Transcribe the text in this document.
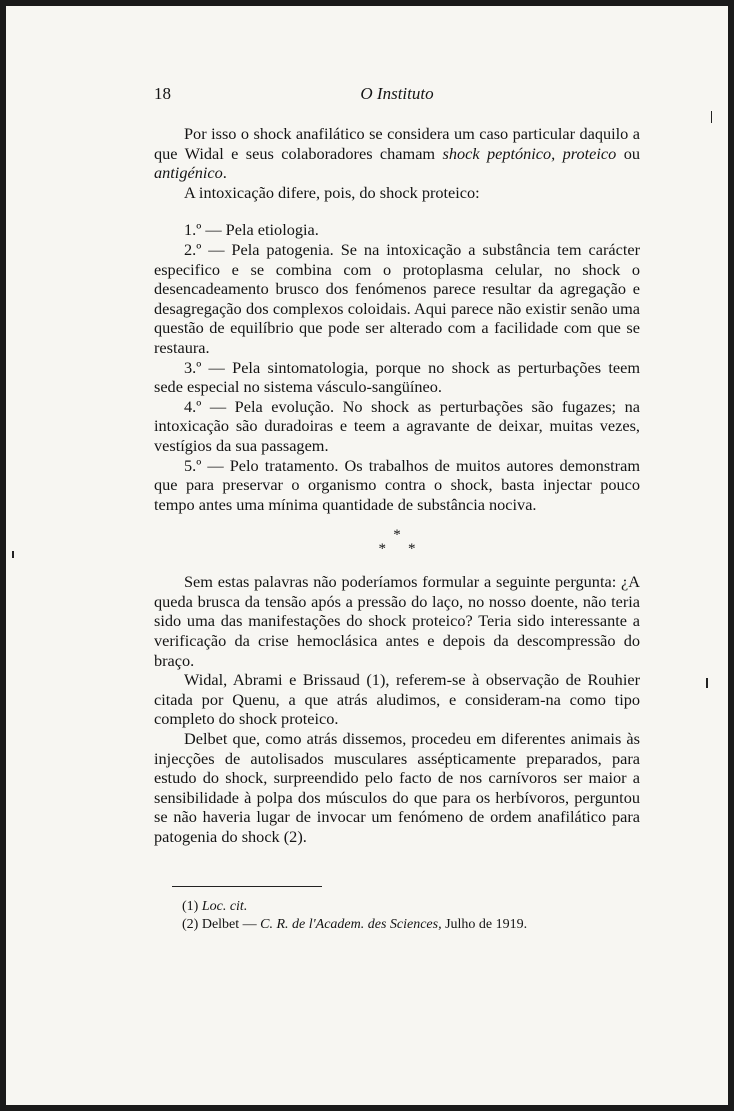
18	O Instituto

Por isso o shock anafilático se considera um caso particular daquilo a que Widal e seus colaboradores chamam shock peptónico, proteico ou antigénico.

A intoxicação difere, pois, do shock proteico:

1.º — Pela etiologia.

2.º — Pela patogenia. Se na intoxicação a substância tem carácter especifico e se combina com o protoplasma celular, no shock o desencadeamento brusco dos fenómenos parece resultar da agregação e desagregação dos complexos coloidais. Aqui parece não existir senão uma questão de equilíbrio que pode ser alterado com a facilidade com que se restaura.

3.º — Pela sintomatologia, porque no shock as perturbações teem sede especial no sistema vásculo-sangüíneo.

4.º — Pela evolução. No shock as perturbações são fugazes; na intoxicação são duradoiras e teem a agravante de deixar, muitas vezes, vestígios da sua passagem.

5.º — Pelo tratamento. Os trabalhos de muitos autores demonstram que para preservar o organismo contra o shock, basta injectar pouco tempo antes uma mínima quantidade de substância nociva.

*
**

Sem estas palavras não poderíamos formular a seguinte pergunta: ¿A queda brusca da tensão após a pressão do laço, no nosso doente, não teria sido uma das manifestações do shock proteico? Teria sido interessante a verificação da crise hemoclásica antes e depois da descompressão do braço.

Widal, Abrami e Brissaud (1), referem-se à observação de Rouhier citada por Quenu, a que atrás aludimos, e consideram-na como tipo completo do shock proteico.

Delbet que, como atrás dissemos, procedeu em diferentes animais às injecções de autolisados musculares assépticamente preparados, para estudo do shock, surpreendido pelo facto de nos carnívoros ser maior a sensibilidade à polpa dos músculos do que para os herbívoros, perguntou se não haveria lugar de invocar um fenómeno de ordem anafilático para patogenia do shock (2).

(1) Loc. cit.
(2) Delbet — C. R. de l'Academ. des Sciences, Julho de 1919.
